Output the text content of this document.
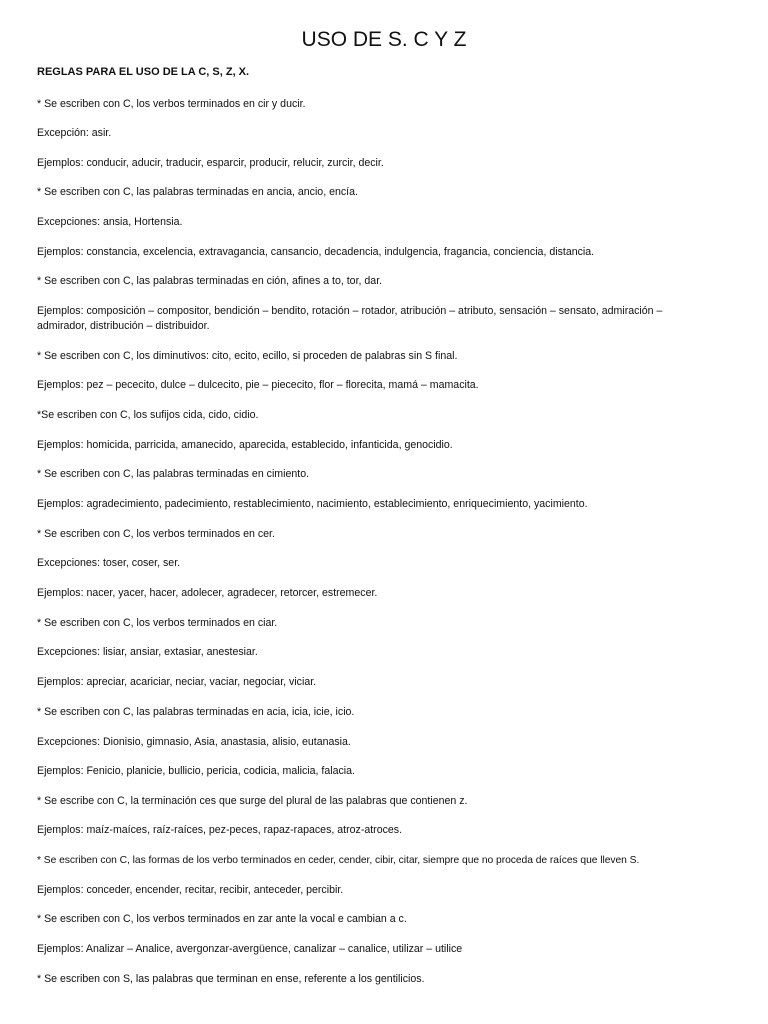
USO DE S. C Y Z

REGLAS PARA EL USO DE LA C, S, Z, X.

* Se escriben con C, los verbos terminados en cir y ducir.

Excepción: asir.

Ejemplos: conducir, aducir, traducir, esparcir, producir, relucir, zurcir, decir.

* Se escriben con C, las palabras terminadas en ancia, ancio, encía.

Excepciones: ansia, Hortensia.

Ejemplos: constancia, excelencia, extravagancia, cansancio, decadencia, indulgencia, fragancia, conciencia, distancia.

* Se escriben con C, las palabras terminadas en ción, afines a to, tor, dar.

Ejemplos: composición – compositor, bendición – bendito, rotación – rotador, atribución – atributo, sensación – sensato, admiración – admirador, distribución – distribuidor.

* Se escriben con C, los diminutivos: cito, ecito, ecillo, si proceden de palabras sin S final.

Ejemplos: pez – pececito, dulce – dulcecito, pie – piececito, flor – florecita, mamá – mamacita.

*Se escriben con C, los sufijos cida, cido, cidio.

Ejemplos: homicida, parricida, amanecido, aparecida, establecido, infanticida, genocidio.

* Se escriben con C, las palabras terminadas en cimiento.

Ejemplos: agradecimiento, padecimiento, restablecimiento, nacimiento, establecimiento, enriquecimiento, yacimiento.

* Se escriben con C, los verbos terminados en cer.

Excepciones: toser, coser, ser.

Ejemplos: nacer, yacer, hacer, adolecer, agradecer, retorcer, estremecer.

* Se escriben con C, los verbos terminados en ciar.

Excepciones: lisiar, ansiar, extasiar, anestesiar.

Ejemplos: apreciar, acariciar, neciar, vaciar, negociar, viciar.

* Se escriben con C, las palabras terminadas en acia, icia, icie, icio.

Excepciones: Dionisio, gimnasio, Asia, anastasia, alisio, eutanasia.

Ejemplos: Fenicio, planicie, bullicio, pericia, codicia, malicia, falacia.

* Se escribe con C, la terminación ces que surge del plural de las palabras que contienen z.

Ejemplos: maíz-maíces, raíz-raíces, pez-peces, rapaz-rapaces, atroz-atroces.

* Se escriben con C, las formas de los verbo terminados en ceder, cender, cibir, citar, siempre que no proceda de raíces que lleven S.

Ejemplos: conceder, encender, recitar, recibir, anteceder, percibir.

* Se escriben con C, los verbos terminados en zar ante la vocal e cambian a c.

Ejemplos: Analizar – Analice, avergonzar-avergüence, canalizar – canalice, utilizar – utilice

* Se escriben con S, las palabras que terminan en ense, referente a los gentilicios.
